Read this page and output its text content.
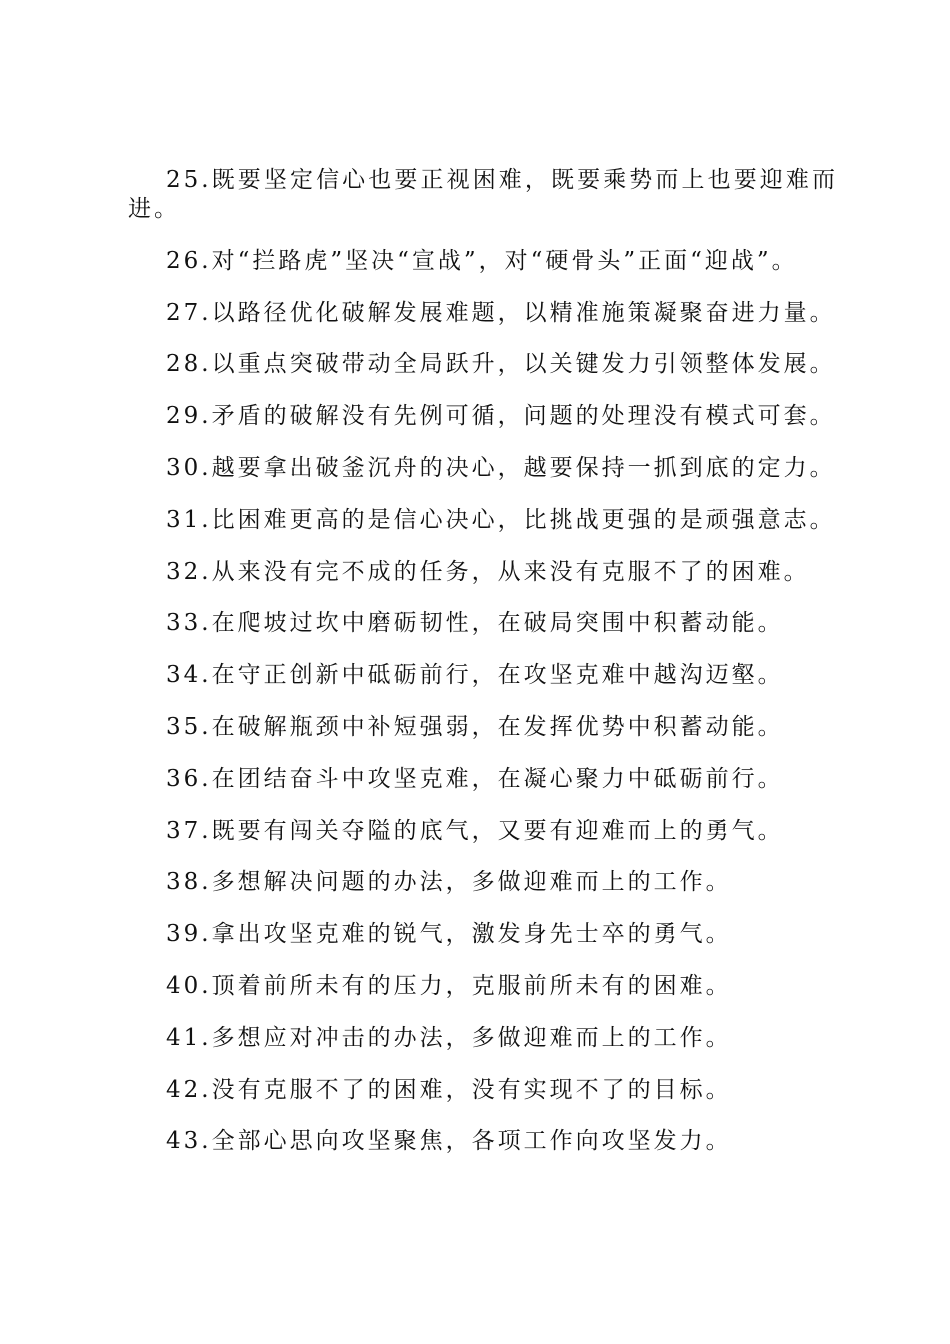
25.既要坚定信心也要正视困难，既要乘势而上也要迎难而进。

26.对“拦路虎”坚决“宣战”，对“硬骨头”正面“迎战”。

27.以路径优化破解发展难题，以精准施策凝聚奋进力量。

28.以重点突破带动全局跃升，以关键发力引领整体发展。

29.矛盾的破解没有先例可循，问题的处理没有模式可套。

30.越要拿出破釜沉舟的决心，越要保持一抓到底的定力。

31.比困难更高的是信心决心，比挑战更强的是顽强意志。

32.从来没有完不成的任务，从来没有克服不了的困难。

33.在爬坡过坎中磨砺韧性，在破局突围中积蓄动能。

34.在守正创新中砥砺前行，在攻坚克难中越沟迈壑。

35.在破解瓶颈中补短强弱，在发挥优势中积蓄动能。

36.在团结奋斗中攻坚克难，在凝心聚力中砥砺前行。

37.既要有闯关夺隘的底气，又要有迎难而上的勇气。

38.多想解决问题的办法，多做迎难而上的工作。

39.拿出攻坚克难的锐气，激发身先士卒的勇气。

40.顶着前所未有的压力，克服前所未有的困难。

41.多想应对冲击的办法，多做迎难而上的工作。

42.没有克服不了的困难，没有实现不了的目标。

43.全部心思向攻坚聚焦，各项工作向攻坚发力。
